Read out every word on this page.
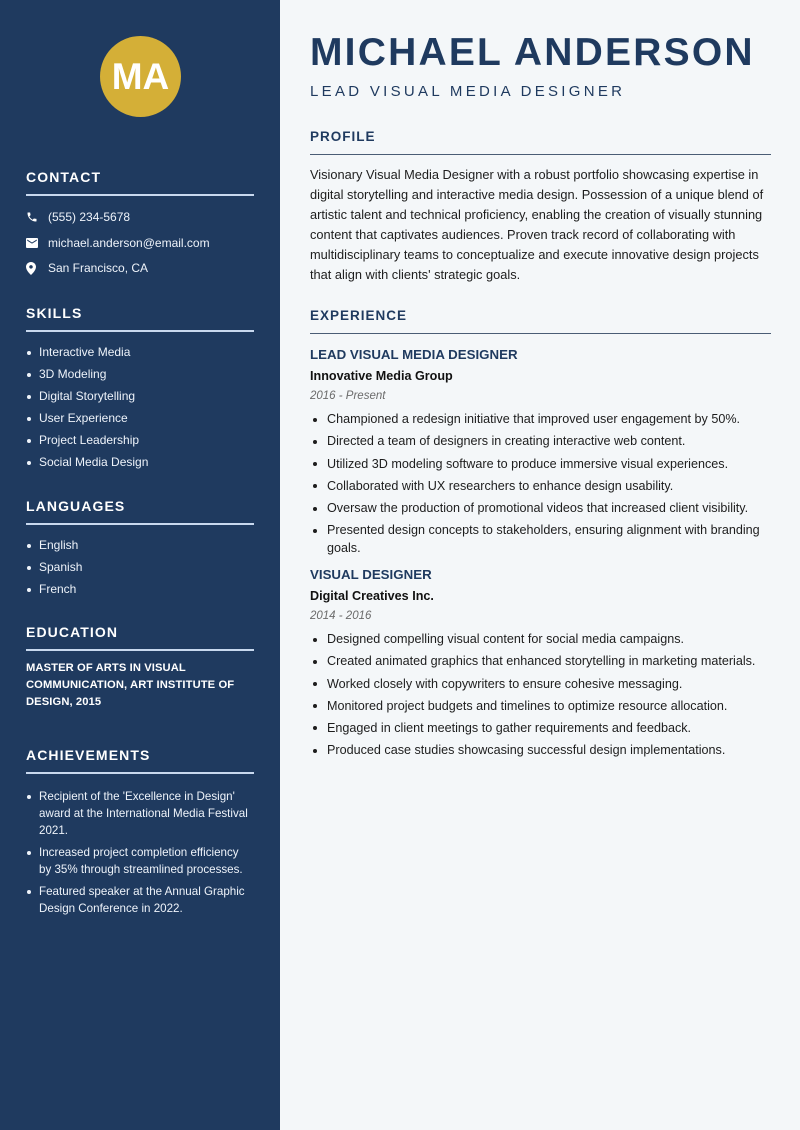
MA
CONTACT
(555) 234-5678
michael.anderson@email.com
San Francisco, CA
SKILLS
Interactive Media
3D Modeling
Digital Storytelling
User Experience
Project Leadership
Social Media Design
LANGUAGES
English
Spanish
French
EDUCATION

MASTER OF ARTS IN VISUAL COMMUNICATION, ART INSTITUTE OF DESIGN, 2015

ACHIEVEMENTS
Recipient of the 'Excellence in Design' award at the International Media Festival 2021.
Increased project completion efficiency by 35% through streamlined processes.
Featured speaker at the Annual Graphic Design Conference in 2022.
MICHAEL ANDERSON
LEAD VISUAL MEDIA DESIGNER
PROFILE

Visionary Visual Media Designer with a robust portfolio showcasing expertise in digital storytelling and interactive media design. Possession of a unique blend of artistic talent and technical proficiency, enabling the creation of visually stunning content that captivates audiences. Proven track record of collaborating with multidisciplinary teams to conceptualize and execute innovative design projects that align with clients' strategic goals.

EXPERIENCE
LEAD VISUAL MEDIA DESIGNER
Innovative Media Group
2016 - Present
Championed a redesign initiative that improved user engagement by 50%.
Directed a team of designers in creating interactive web content.
Utilized 3D modeling software to produce immersive visual experiences.
Collaborated with UX researchers to enhance design usability.
Oversaw the production of promotional videos that increased client visibility.
Presented design concepts to stakeholders, ensuring alignment with branding goals.
VISUAL DESIGNER
Digital Creatives Inc.
2014 - 2016
Designed compelling visual content for social media campaigns.
Created animated graphics that enhanced storytelling in marketing materials.
Worked closely with copywriters to ensure cohesive messaging.
Monitored project budgets and timelines to optimize resource allocation.
Engaged in client meetings to gather requirements and feedback.
Produced case studies showcasing successful design implementations.
